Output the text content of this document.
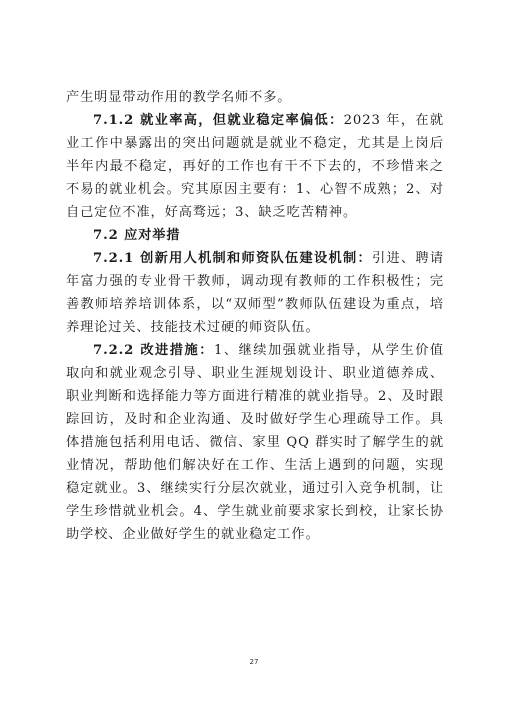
产生明显带动作用的教学名师不多。

7.1.2 就业率高，但就业稳定率偏低：2023 年，在就业工作中暴露出的突出问题就是就业不稳定，尤其是上岗后半年内最不稳定，再好的工作也有干不下去的，不珍惜来之不易的就业机会。究其原因主要有：1、心智不成熟；2、对自己定位不准，好高骛远；3、缺乏吃苦精神。

7.2 应对举措

7.2.1 创新用人机制和师资队伍建设机制：引进、聘请年富力强的专业骨干教师，调动现有教师的工作积极性；完善教师培养培训体系，以“双师型”教师队伍建设为重点，培养理论过关、技能技术过硬的师资队伍。

7.2.2 改进措施：1、继续加强就业指导，从学生价值取向和就业观念引导、职业生涯规划设计、职业道德养成、职业判断和选择能力等方面进行精准的就业指导。2、及时跟踪回访，及时和企业沟通、及时做好学生心理疏导工作。具体措施包括利用电话、微信、家里 QQ 群实时了解学生的就业情况，帮助他们解决好在工作、生活上遇到的问题，实现稳定就业。3、继续实行分层次就业，通过引入竞争机制，让学生珍惜就业机会。4、学生就业前要求家长到校，让家长协助学校、企业做好学生的就业稳定工作。

27
